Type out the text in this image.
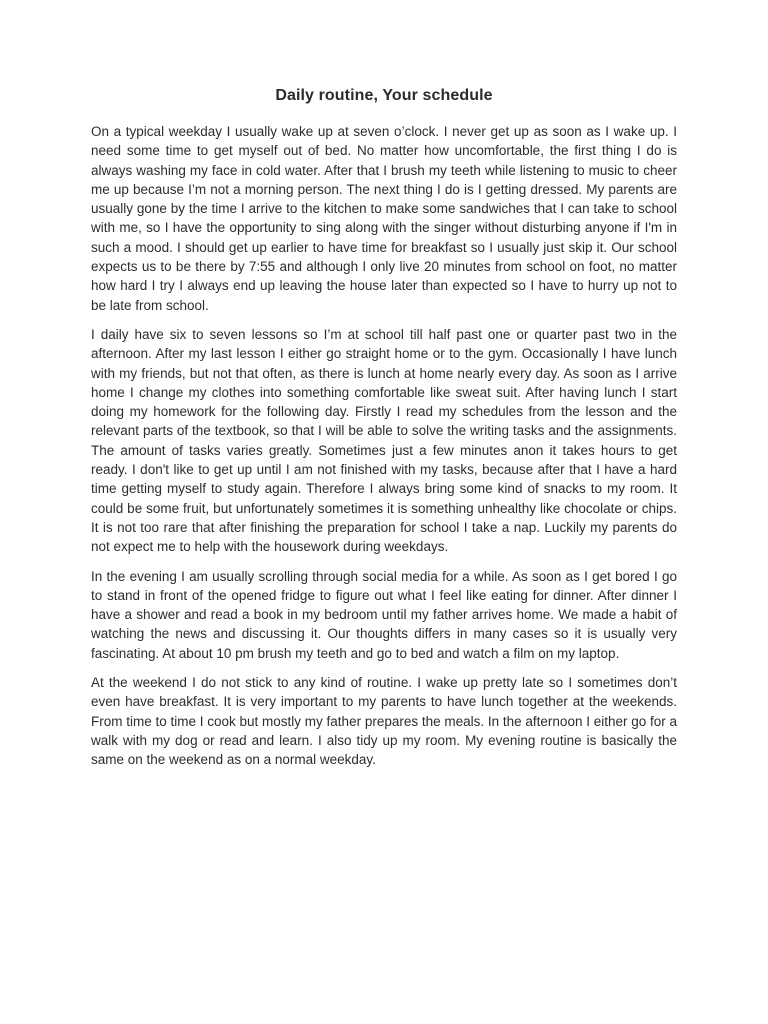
Daily routine, Your schedule

On a typical weekday I usually wake up at seven o’clock. I never get up as soon as I wake up. I need some time to get myself out of bed. No matter how uncomfortable, the first thing I do is always washing my face in cold water. After that I brush my teeth while listening to music to cheer me up because I’m not a morning person. The next thing I do is I getting dressed. My parents are usually gone by the time I arrive to the kitchen to make some sandwiches that I can take to school with me, so I have the opportunity to sing along with the singer without disturbing anyone if I'm in such a mood. I should get up earlier to have time for breakfast so I usually just skip it. Our school expects us to be there by 7:55 and although I only live 20 minutes from school on foot, no matter how hard I try I always end up leaving the house later than expected so I have to hurry up not to be late from school.

I daily have six to seven lessons so I’m at school till half past one or quarter past two in the afternoon. After my last lesson I either go straight home or to the gym. Occasionally I have lunch with my friends, but not that often, as there is lunch at home nearly every day. As soon as I arrive home I change my clothes into something comfortable like sweat suit. After having lunch I start doing my homework for the following day. Firstly I read my schedules from the lesson and the relevant parts of the textbook, so that I will be able to solve the writing tasks and the assignments. The amount of tasks varies greatly. Sometimes just a few minutes anon it takes hours to get ready. I don't like to get up until I am not finished with my tasks, because after that I have a hard time getting myself to study again. Therefore I always bring some kind of snacks to my room. It could be some fruit, but unfortunately sometimes it is something unhealthy like chocolate or chips. It is not too rare that after finishing the preparation for school I take a nap. Luckily my parents do not expect me to help with the housework during weekdays.

In the evening I am usually scrolling through social media for a while. As soon as I get bored I go to stand in front of the opened fridge to figure out what I feel like eating for dinner. After dinner I have a shower and read a book in my bedroom until my father arrives home. We made a habit of watching the news and discussing it. Our thoughts differs in many cases so it is usually very fascinating. At about 10 pm brush my teeth and go to bed and watch a film on my laptop.

At the weekend I do not stick to any kind of routine. I wake up pretty late so I sometimes don’t even have breakfast. It is very important to my parents to have lunch together at the weekends. From time to time I cook but mostly my father prepares the meals. In the afternoon I either go for a walk with my dog or read and learn. I also tidy up my room. My evening routine is basically the same on the weekend as on a normal weekday.
